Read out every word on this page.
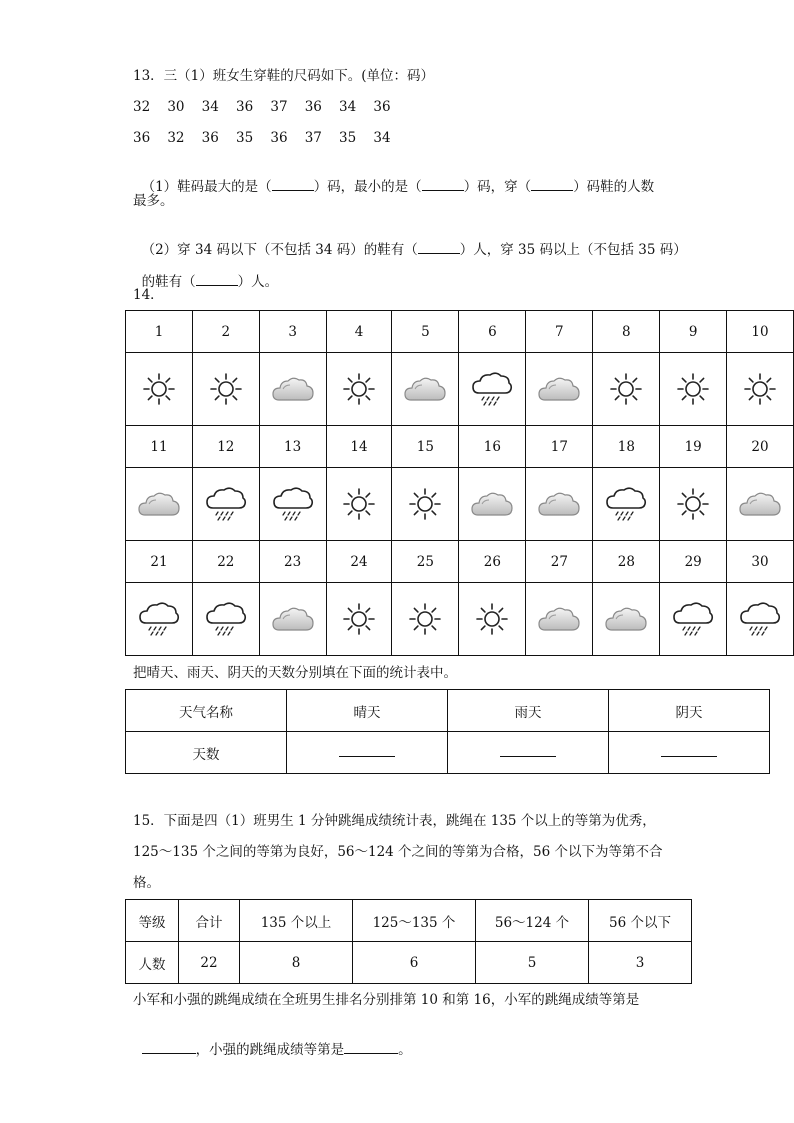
13．三（1）班女生穿鞋的尺码如下。(单位：码）
32    30    34    36    37    36    34    36
36    32    36    35    36    37    35    34

（1）鞋码最大的是（	）码，最小的是（	）码，穿（	）码鞋的人数

最多。

（2）穿 34 码以下（不包括 34 码）的鞋有（	）人，穿 35 码以上（不包括 35 码）

的鞋有（	）人。

14．
1	2	3	4	5	6	7	8	9	10

11	12	13	14	15	16	17	18	19	20

21	22	23	24	25	26	27	28	29	30

把晴天、雨天、阴天的天数分别填在下面的统计表中。
天气名称	晴天	雨天	阴天
天数			
15．下面是四（1）班男生 1 分钟跳绳成绩统计表，跳绳在 135 个以上的等第为优秀，
125～135 个之间的等第为良好，56～124 个之间的等第为合格，56 个以下为等第不合
格。
等级	合计	135 个以上	125～135 个	56～124 个	56 个以下
人数	22	8	6	5	3
小军和小强的跳绳成绩在全班男生排名分别排第 10 和第 16，小军的跳绳成绩等第是

，小强的跳绳成绩等第是	。
